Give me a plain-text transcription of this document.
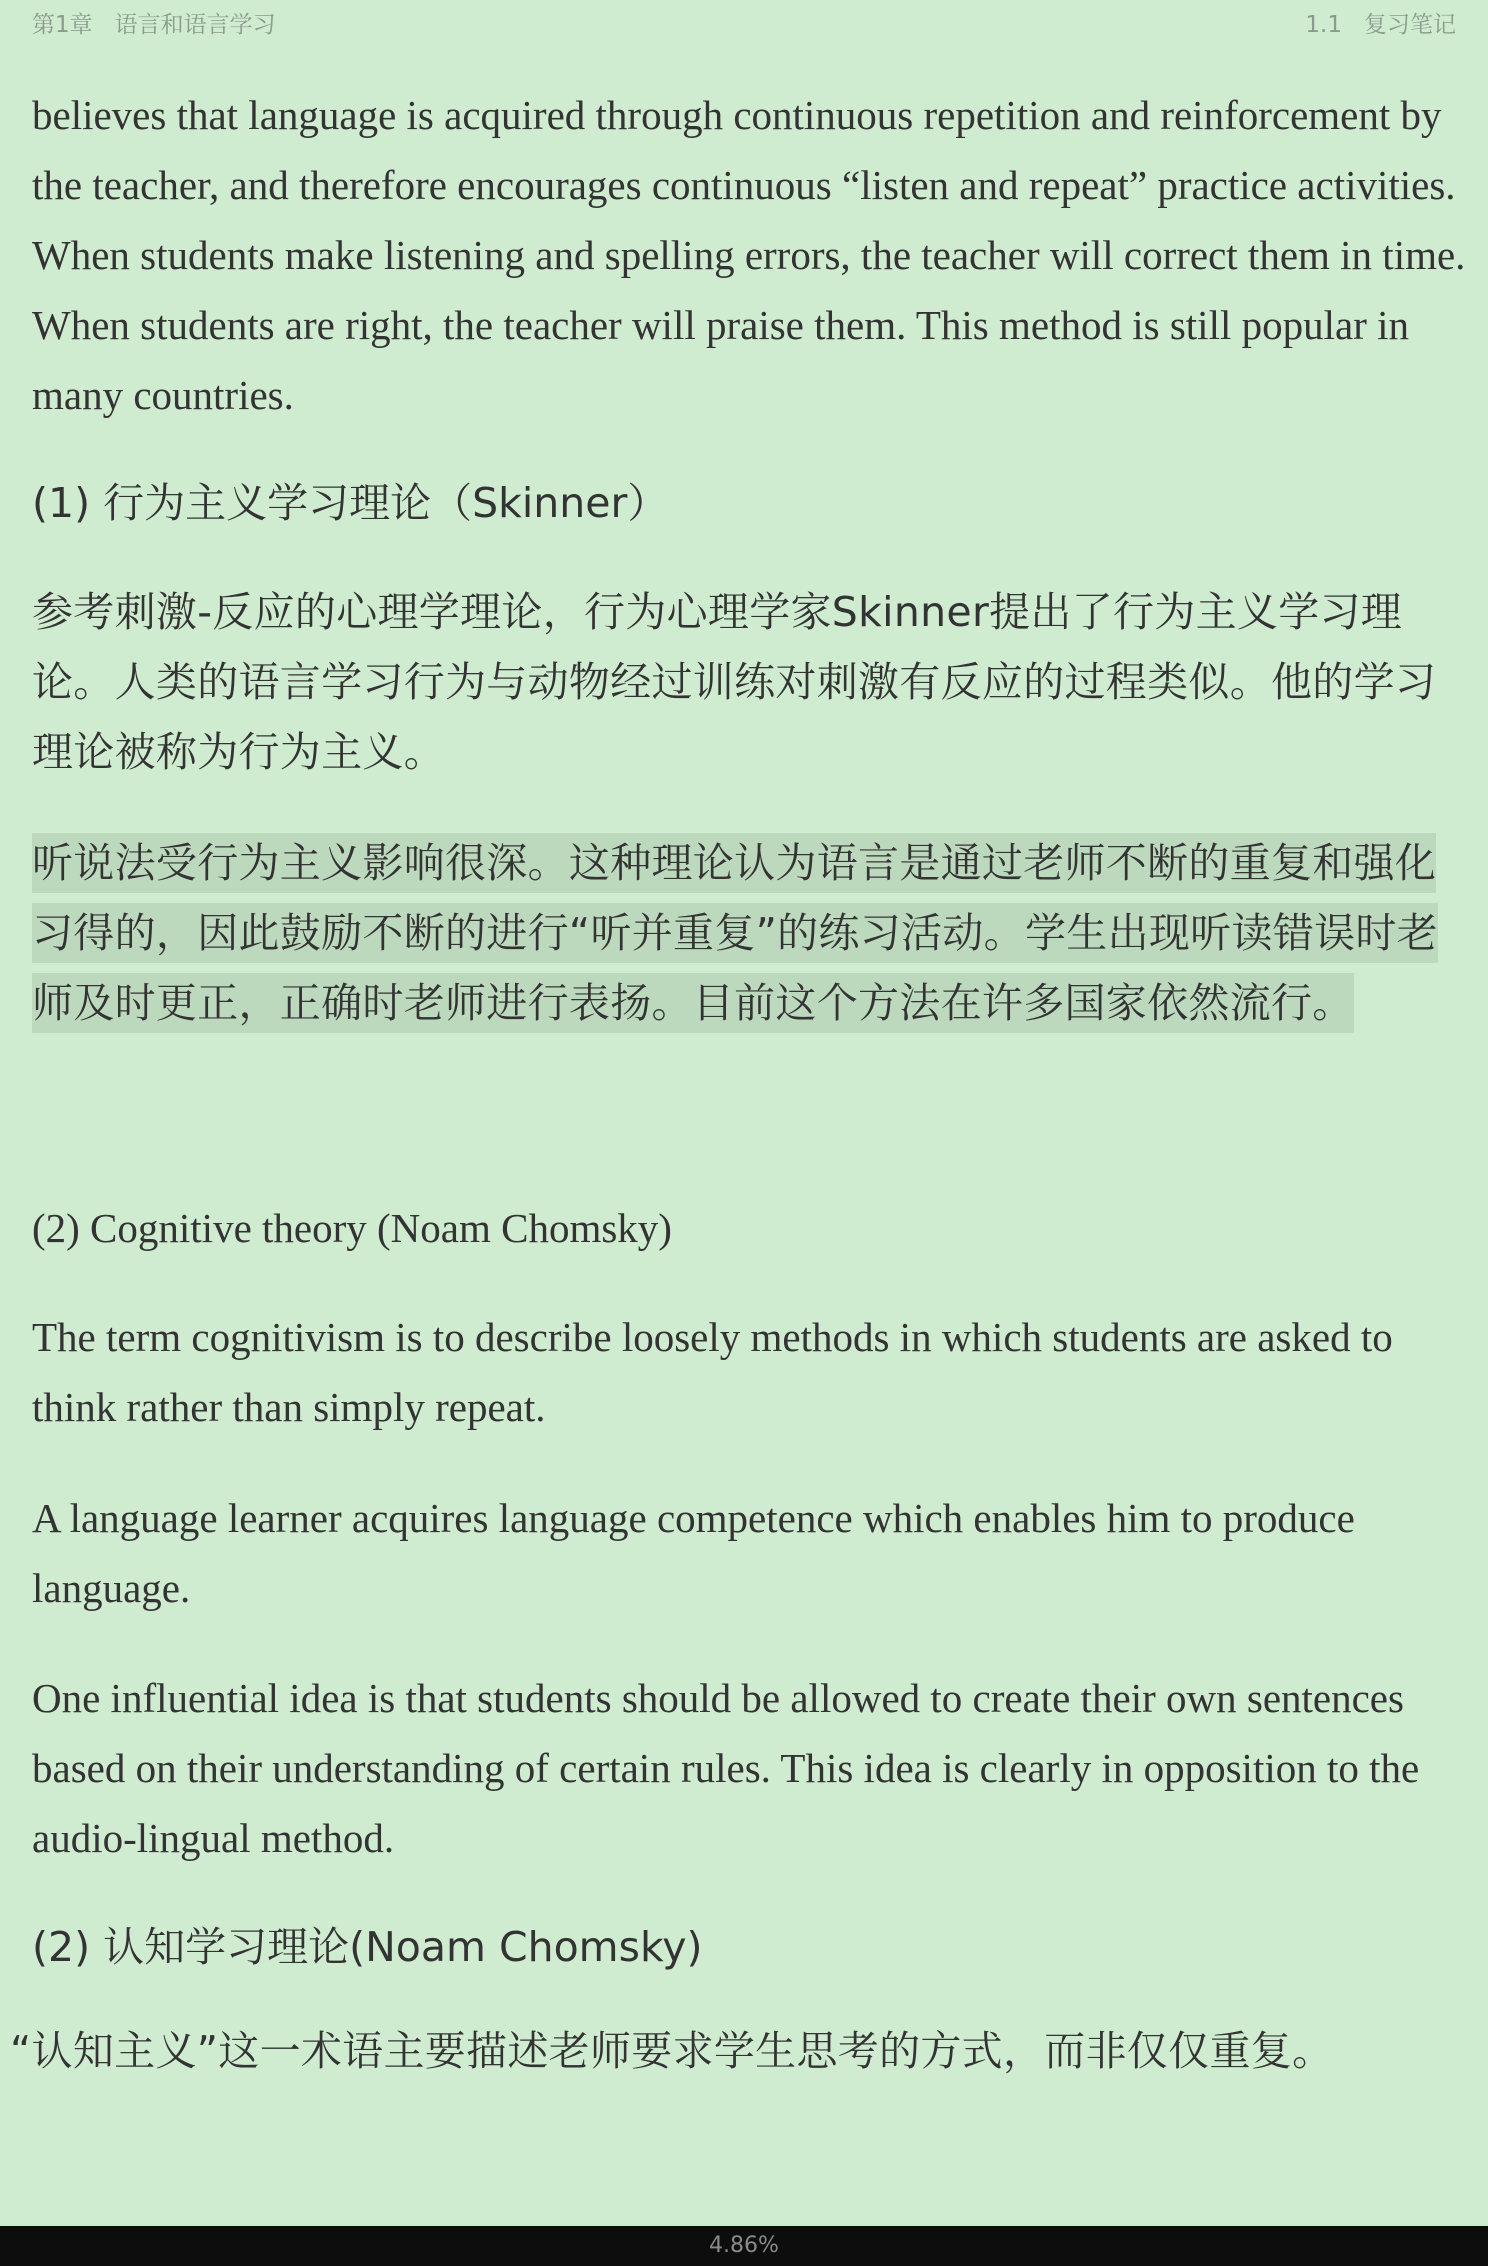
第1章 语言和语言学习	1.1 复习笔记

believes that language is acquired through continuous repetition and reinforcement by the teacher, and therefore encourages continuous “listen and repeat” practice activities. When students make listening and spelling errors, the teacher will correct them in time. When students are right, the teacher will praise them. This method is still popular in many countries.

(1) 行为主义学习理论（Skinner）

参考刺激-反应的心理学理论，行为心理学家Skinner提出了行为主义学习理论。人类的语言学习行为与动物经过训练对刺激有反应的过程类似。他的学习理论被称为行为主义。

听说法受行为主义影响很深。这种理论认为语言是通过老师不断的重复和强化习得的，因此鼓励不断的进行“听并重复”的练习活动。学生出现听读错误时老师及时更正，正确时老师进行表扬。目前这个方法在许多国家依然流行。

(2) Cognitive theory (Noam Chomsky)

The term cognitivism is to describe loosely methods in which students are asked to think rather than simply repeat.

A language learner acquires language competence which enables him to produce language.

One influential idea is that students should be allowed to create their own sentences based on their understanding of certain rules. This idea is clearly in opposition to the audio-lingual method.

(2) 认知学习理论(Noam Chomsky)

“认知主义”这一术语主要描述老师要求学生思考的方式，而非仅仅重复。

4.86%
